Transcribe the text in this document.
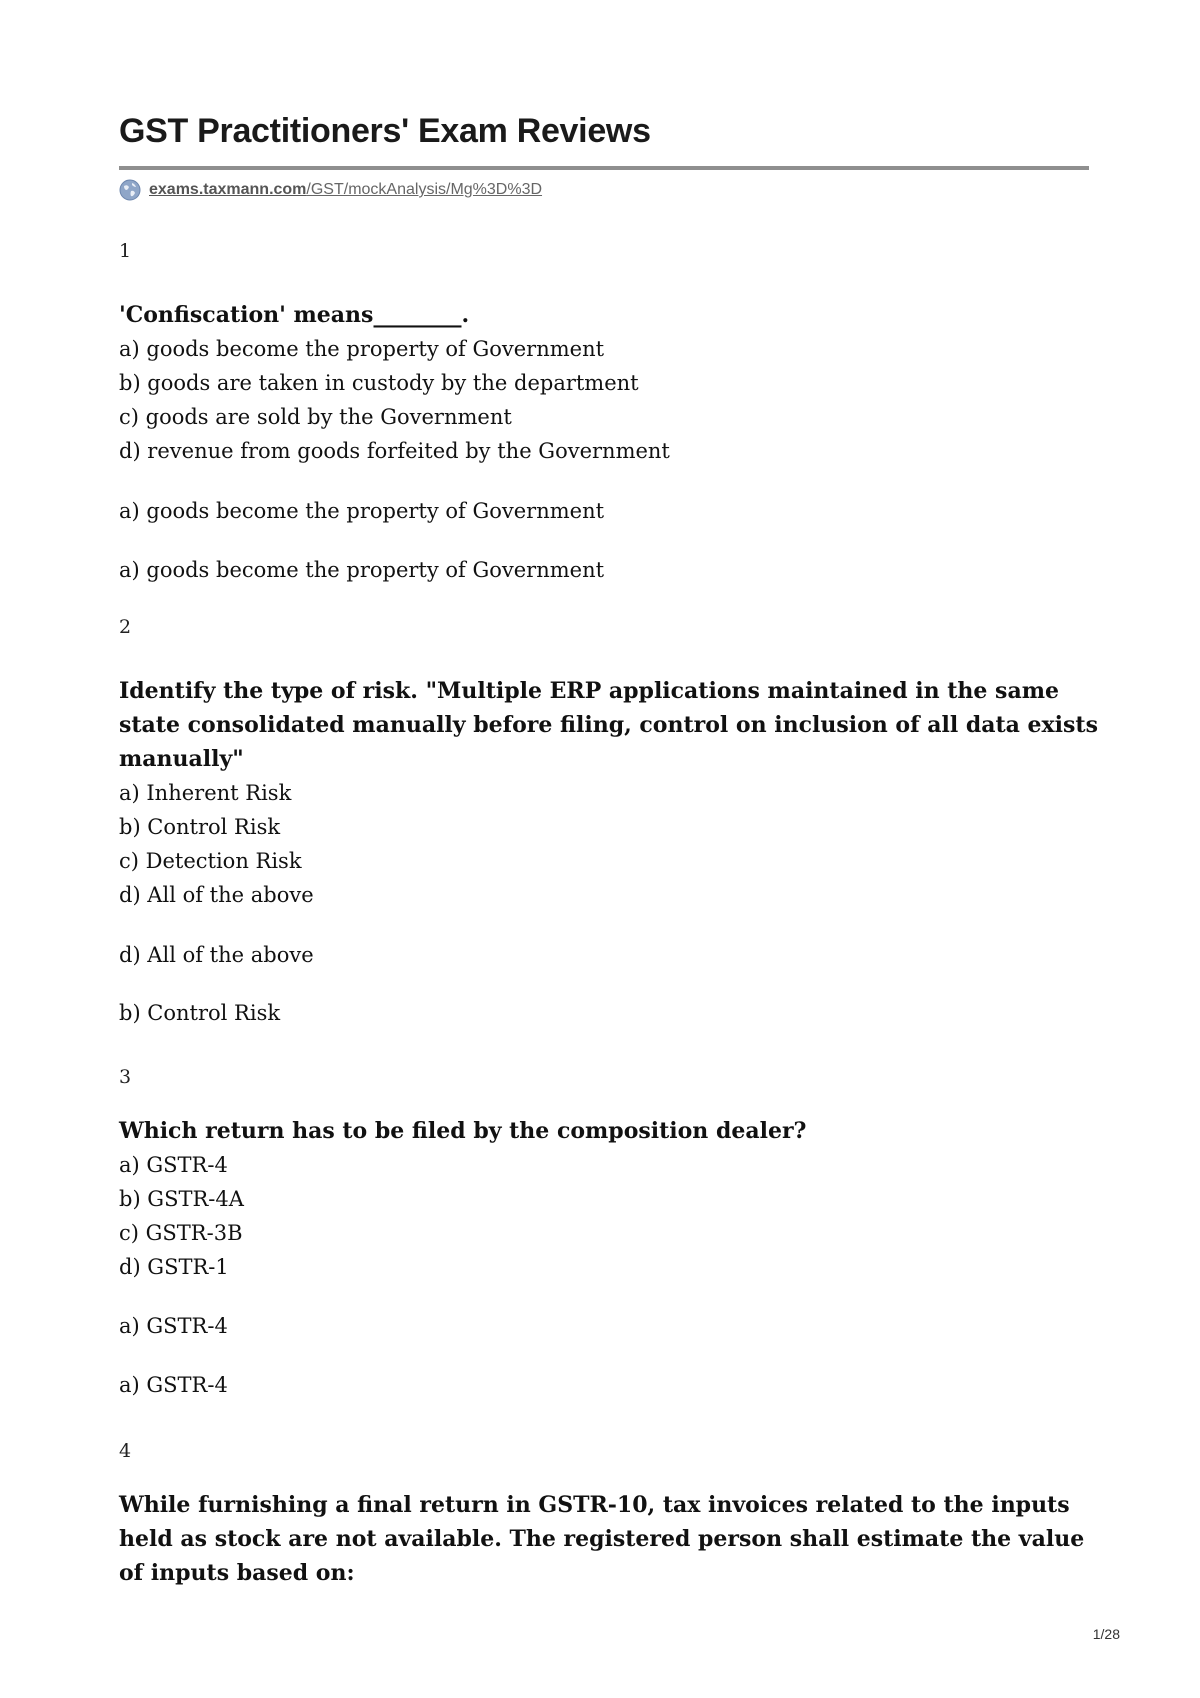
GST Practitioners' Exam Reviews
exams.taxmann.com /GST/mockAnalysis/Mg%3D%3D
1

'Confiscation' means________.

a) goods become the property of Government
b) goods are taken in custody by the department
c) goods are sold by the Government
d) revenue from goods forfeited by the Government
a) goods become the property of Government
a) goods become the property of Government
2

Identify the type of risk. "Multiple ERP applications maintained in the same state consolidated manually before filing, control on inclusion of all data exists manually"

a) Inherent Risk
b) Control Risk
c) Detection Risk
d) All of the above
d) All of the above
b) Control Risk
3

Which return has to be filed by the composition dealer?

a) GSTR-4
b) GSTR-4A
c) GSTR-3B
d) GSTR-1
a) GSTR-4
a) GSTR-4
4

While furnishing a final return in GSTR-10, tax invoices related to the inputs held as stock are not available. The registered person shall estimate the value of inputs based on:

1/28
